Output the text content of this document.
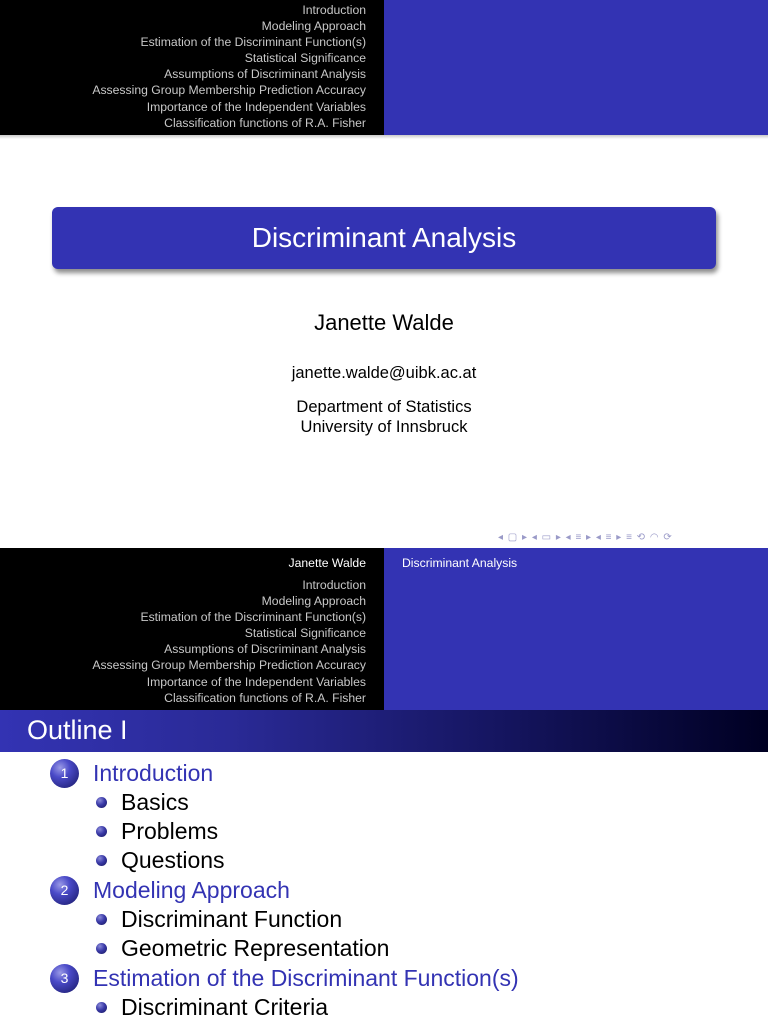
Introduction
Modeling Approach
Estimation of the Discriminant Function(s)
Statistical Significance
Assumptions of Discriminant Analysis
Assessing Group Membership Prediction Accuracy
Importance of the Independent Variables
Classification functions of R.A. Fisher
Discriminant Analysis
Janette Walde
janette.walde@uibk.ac.at
Department of Statistics
University of Innsbruck
◂ ▢ ▸ ◂ ▭ ▸ ◂ ≡ ▸ ◂ ≡ ▸ ≡ ⟲ ◠ ⟳
Janette Walde
Introduction
Modeling Approach
Estimation of the Discriminant Function(s)
Statistical Significance
Assumptions of Discriminant Analysis
Assessing Group Membership Prediction Accuracy
Importance of the Independent Variables
Classification functions of R.A. Fisher
Discriminant Analysis
Outline I
1	Introduction
Basics
Problems
Questions
2	Modeling Approach
Discriminant Function
Geometric Representation
3	Estimation of the Discriminant Function(s)
Discriminant Criteria
